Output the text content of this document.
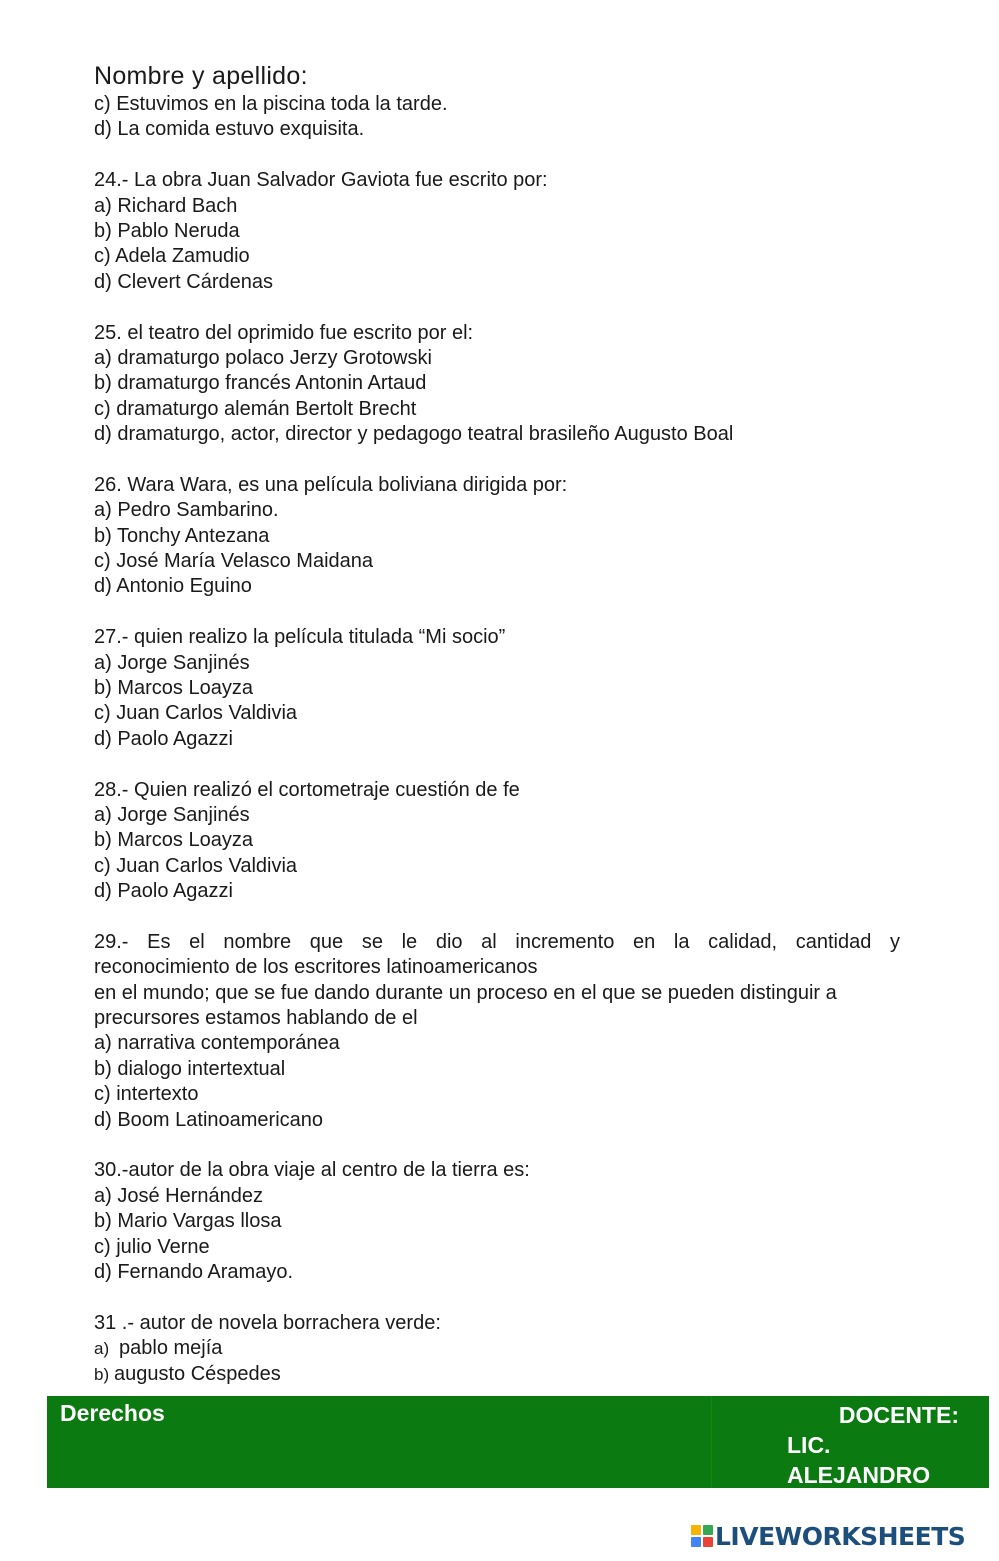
Nombre y apellido:
c) Estuvimos en la piscina toda la tarde.
d) La comida estuvo exquisita.
24.- La obra Juan Salvador Gaviota fue escrito por:
a) Richard Bach
b) Pablo Neruda
c) Adela Zamudio
d) Clevert Cárdenas
25. el teatro del oprimido fue escrito por el:
a) dramaturgo polaco Jerzy Grotowski
b) dramaturgo francés Antonin Artaud
c) dramaturgo alemán Bertolt Brecht
d) dramaturgo, actor, director y pedagogo teatral brasileño Augusto Boal
26. Wara Wara, es una película boliviana dirigida por:
a) Pedro Sambarino.
b) Tonchy Antezana
c) José María Velasco Maidana
d) Antonio Eguino
27.- quien realizo la película titulada “Mi socio”
a) Jorge Sanjinés
b) Marcos Loayza
c) Juan Carlos Valdivia
d) Paolo Agazzi
28.- Quien realizó el cortometraje cuestión de fe
a) Jorge Sanjinés
b) Marcos Loayza
c) Juan Carlos Valdivia
d) Paolo Agazzi
29.- Es el nombre que se le dio al incremento en la calidad, cantidad y
reconocimiento de los escritores latinoamericanos
en el mundo; que se fue dando durante un proceso en el que se pueden distinguir a
precursores estamos hablando de el
a) narrativa contemporánea
b) dialogo intertextual
c) intertexto
d) Boom Latinoamericano
30.-autor de la obra viaje al centro de la tierra es:
a) José Hernández
b) Mario Vargas llosa
c) julio Verne
d) Fernando Aramayo.
31 .- autor de novela borrachera verde:
a) pablo mejía
b) augusto Céspedes
Derechos	DOCENTE:
LIC.
ALEJANDRO
LIVEWORKSHEETS
